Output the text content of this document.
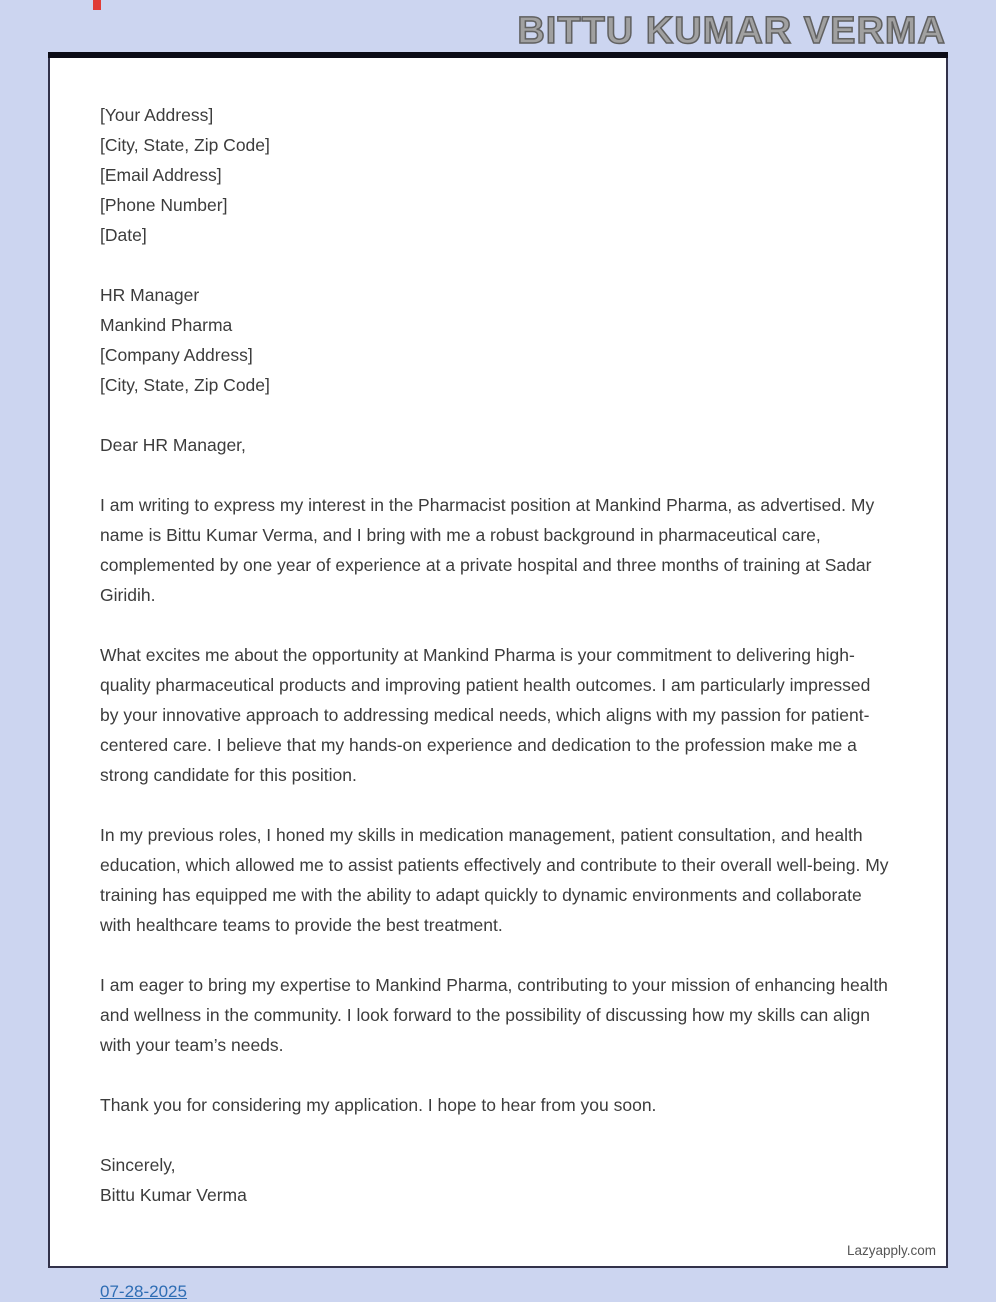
BITTU KUMAR VERMA

[Your Address]

[City, State, Zip Code]

[Email Address]

[Phone Number]

[Date]

HR Manager

Mankind Pharma

[Company Address]

[City, State, Zip Code]

Dear HR Manager,

I am writing to express my interest in the Pharmacist position at Mankind Pharma, as advertised. My name is Bittu Kumar Verma, and I bring with me a robust background in pharmaceutical care, complemented by one year of experience at a private hospital and three months of training at Sadar Giridih.

What excites me about the opportunity at Mankind Pharma is your commitment to delivering high-quality pharmaceutical products and improving patient health outcomes. I am particularly impressed by your innovative approach to addressing medical needs, which aligns with my passion for patient-centered care. I believe that my hands-on experience and dedication to the profession make me a strong candidate for this position.

In my previous roles, I honed my skills in medication management, patient consultation, and health education, which allowed me to assist patients effectively and contribute to their overall well-being. My training has equipped me with the ability to adapt quickly to dynamic environments and collaborate with healthcare teams to provide the best treatment.

I am eager to bring my expertise to Mankind Pharma, contributing to your mission of enhancing health and wellness in the community. I look forward to the possibility of discussing how my skills can align with your team’s needs.

Thank you for considering my application. I hope to hear from you soon.

Sincerely,

Bittu Kumar Verma

Lazyapply.com
07-28-2025
